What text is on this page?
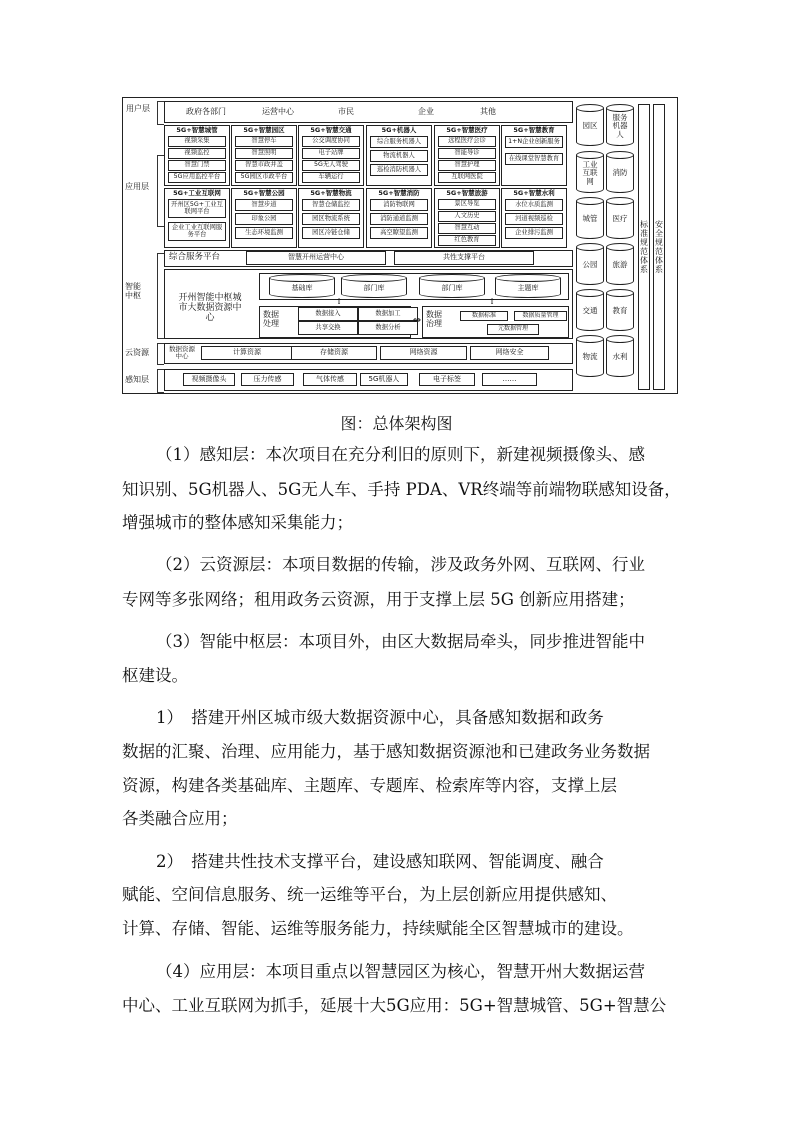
用户层
应用层
智能中枢
云资源
感知层
政府各部门	运营中心	市民	企业	其他
5G+智慧城管
视频采集
视频监控
智慧门禁
5G应用监控平台
5G+智慧园区
智慧停车
智慧照明
智慧市政井盖
5G园区市政平台
5G+智慧交通
公交调度协同
电子站牌
5G无人驾驶
车辆运行
5G+机器人
综合服务机器人
物流机器人
巡检消防机器人
5G+智慧医疗
远程医疗会诊
智能导诊
智慧护理
互联网医院
5G+智慧教育
1+N企业创新服务
在线课堂智慧教育
5G+工业互联网
开州区5G+工业互联网平台
企业工业互联网服务平台
5G+智慧公园
智慧步道
印象公园
生态环境监测
5G+智慧物流
智慧仓储监控
园区物流系统
园区冷链仓储
5G+智慧消防
消防物联网
消防通道监测
高空瞭望监测
5G+智慧旅游
景区导览
人文历史
智慧互动
红色教育
5G+智慧水利
水位水质监测
河道视频巡检
企业排污监测
综合服务平台	智慧开州运营中心	共性支撑平台
开州智能中枢城市大数据资源中心
基础库	部门库	部门库	主题库
数据处理
数据接入	数据加工
共享交换	数据分析
⇔
⇧	⇧
数据治理
数据标准	数据质量管理
元数据管理
数据资源中心	计算资源	存储资源	网络资源	网络安全
视频摄像头	压力传感	气体传感	5G机器人	电子标签	……
园区
服务机器人
工业互联网
消防
城管	医疗
公园	旅游
交通	教育
物流	水利
标准规范体系 安全规范体系
图：总体架构图
（1）感知层：本次项目在充分利旧的原则下，新建视频摄像头、感
知识别、5G机器人、5G无人车、手持 PDA、VR终端等前端物联感知设备，
增强城市的整体感知采集能力；
（2）云资源层：本项目数据的传输，涉及政务外网、互联网、行业
专网等多张网络；租用政务云资源，用于支撑上层 5G 创新应用搭建；
（3）智能中枢层：本项目外，由区大数据局牵头，同步推进智能中
枢建设。
1）　搭建开州区城市级大数据资源中心，具备感知数据和政务
数据的汇聚、治理、应用能力，基于感知数据资源池和已建政务业务数据
资源，构建各类基础库、主题库、专题库、检索库等内容，支撑上层
各类融合应用；
2）　搭建共性技术支撑平台，建设感知联网、智能调度、融合
赋能、空间信息服务、统一运维等平台，为上层创新应用提供感知、
计算、存储、智能、运维等服务能力，持续赋能全区智慧城市的建设。
（4）应用层：本项目重点以智慧园区为核心，智慧开州大数据运营
中心、工业互联网为抓手，延展十大5G应用：5G+智慧城管、5G+智慧公
